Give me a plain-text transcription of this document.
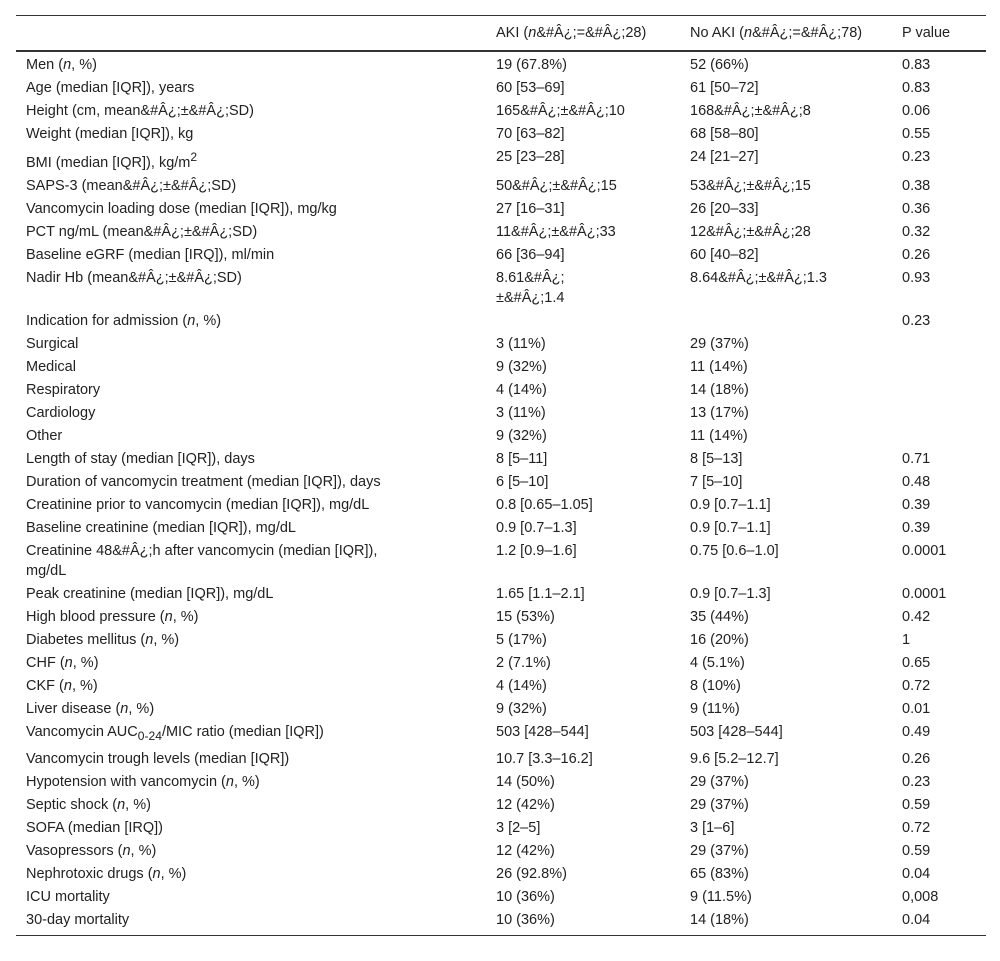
	AKI (n&#Â¿;=&#Â¿;28)	No AKI (n&#Â¿;=&#Â¿;78)	P value
Men (n, %)	19 (67.8%)	52 (66%)	0.83
Age (median [IQR]), years	60 [53–69]	61 [50–72]	0.83
Height (cm, mean&#Â¿;±&#Â¿;SD)	165&#Â¿;±&#Â¿;10	168&#Â¿;±&#Â¿;8	0.06
Weight (median [IQR]), kg	70 [63–82]	68 [58–80]	0.55
BMI (median [IQR]), $kg/m^2$	25 [23–28]	24 [21–27]	0.23
SAPS-3 (mean&#Â¿;±&#Â¿;SD)	50&#Â¿;±&#Â¿;15	53&#Â¿;±&#Â¿;15	0.38
Vancomycin loading dose (median [IQR]), mg/kg	27 [16–31]	26 [20–33]	0.36
PCT ng/mL (mean&#Â¿;±&#Â¿;SD)	11&#Â¿;±&#Â¿;33	12&#Â¿;±&#Â¿;28	0.32
Baseline eGRF (median [IRQ]), ml/min	66 [36–94]	60 [40–82]	0.26
Nadir Hb (mean&#Â¿;±&#Â¿;SD)	8.61&#Â¿;
±&#Â¿;1.4	8.64&#Â¿;±&#Â¿;1.3	0.93
Indication for admission (n, %)			0.23
Surgical	3 (11%)	29 (37%)	
Medical	9 (32%)	11 (14%)	
Respiratory	4 (14%)	14 (18%)	
Cardiology	3 (11%)	13 (17%)	
Other	9 (32%)	11 (14%)	
Length of stay (median [IQR]), days	8 [5–11]	8 [5–13]	0.71
Duration of vancomycin treatment (median [IQR]), days	6 [5–10]	7 [5–10]	0.48
Creatinine prior to vancomycin (median [IQR]), mg/dL	0.8 [0.65–1.05]	0.9 [0.7–1.1]	0.39
Baseline creatinine (median [IQR]), mg/dL	0.9 [0.7–1.3]	0.9 [0.7–1.1]	0.39
Creatinine 48&#Â¿;h after vancomycin (median [IQR]),
mg/dL	1.2 [0.9–1.6]	0.75 [0.6–1.0]	0.0001
Peak creatinine (median [IQR]), mg/dL	1.65 [1.1–2.1]	0.9 [0.7–1.3]	0.0001
High blood pressure (n, %)	15 (53%)	35 (44%)	0.42
Diabetes mellitus (n, %)	5 (17%)	16 (20%)	1
CHF (n, %)	2 (7.1%)	4 (5.1%)	0.65
CKF (n, %)	4 (14%)	8 (10%)	0.72
Liver disease (n, %)	9 (32%)	9 (11%)	0.01
Vancomycin $AUC_{0-24}$/MIC ratio (median [IQR])	503 [428–544]	503 [428–544]	0.49
Vancomycin trough levels (median [IQR])	10.7 [3.3–16.2]	9.6 [5.2–12.7]	0.26
Hypotension with vancomycin (n, %)	14 (50%)	29 (37%)	0.23
Septic shock (n, %)	12 (42%)	29 (37%)	0.59
SOFA (median [IRQ])	3 [2–5]	3 [1–6]	0.72
Vasopressors (n, %)	12 (42%)	29 (37%)	0.59
Nephrotoxic drugs (n, %)	26 (92.8%)	65 (83%)	0.04
ICU mortality	10 (36%)	9 (11.5%)	0,008
30-day mortality	10 (36%)	14 (18%)	0.04
